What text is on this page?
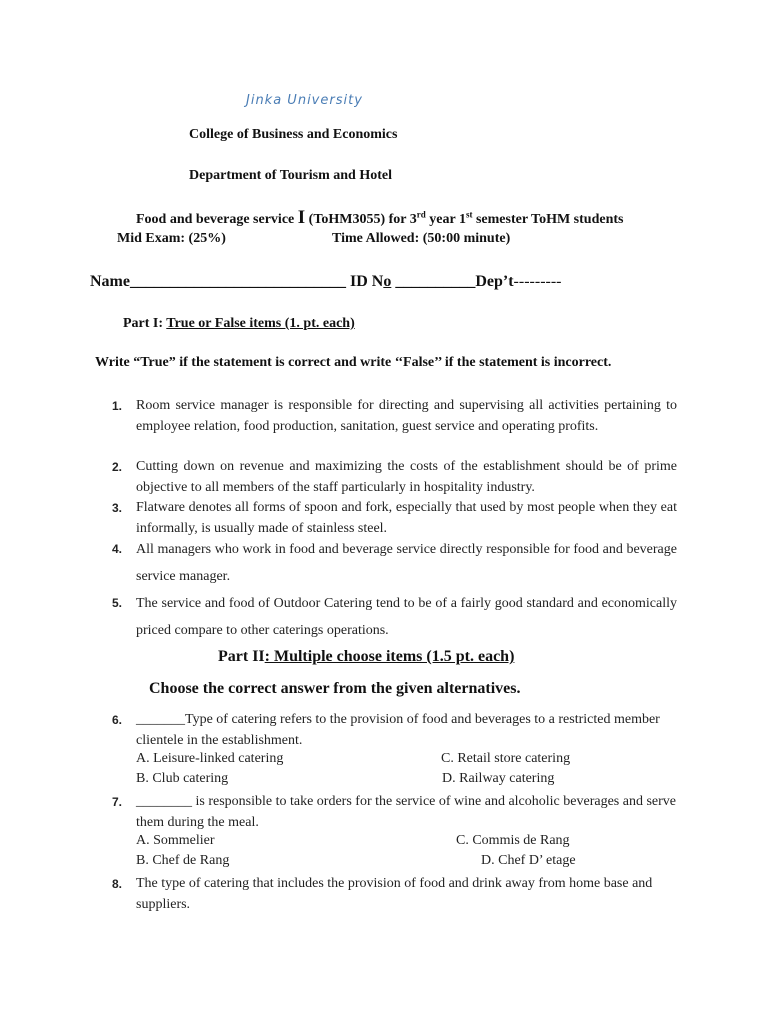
Jinka University
College of Business and Economics
Department of Tourism and Hotel
Food and beverage service I (ToHM3055) for 3rd year 1st semester ToHM students
Mid Exam: (25%)	Time Allowed: (50:00 minute)
Name___________________________ ID No __________Dep’t---------
Part I: True or False items (1. pt. each)
Write “True” if the statement is correct and write ‘‘False’’ if the statement is incorrect.
1. Room service manager is responsible for directing and supervising all activities pertaining to employee relation, food production, sanitation, guest service and operating profits.
2. Cutting down on revenue and maximizing the costs of the establishment should be of prime objective to all members of the staff particularly in hospitality industry.
3. Flatware denotes all forms of spoon and fork, especially that used by most people when they eat informally, is usually made of stainless steel.
4. All managers who work in food and beverage service directly responsible for food and beverage service manager.
5. The service and food of Outdoor Catering tend to be of a fairly good standard and economically priced compare to other caterings operations.
Part II: Multiple choose items (1.5 pt. each)
Choose the correct answer from the given alternatives.
6. _______Type of catering refers to the provision of food and beverages to a restricted member clientele in the establishment.
A. Leisure-linked catering	C. Retail store catering
B. Club catering	D. Railway catering
7. ________ is responsible to take orders for the service of wine and alcoholic beverages and serve them during the meal.
A. Sommelier	C. Commis de Rang
B. Chef de Rang	D. Chef D’ etage
8. The type of catering that includes the provision of food and drink away from home base and suppliers.
